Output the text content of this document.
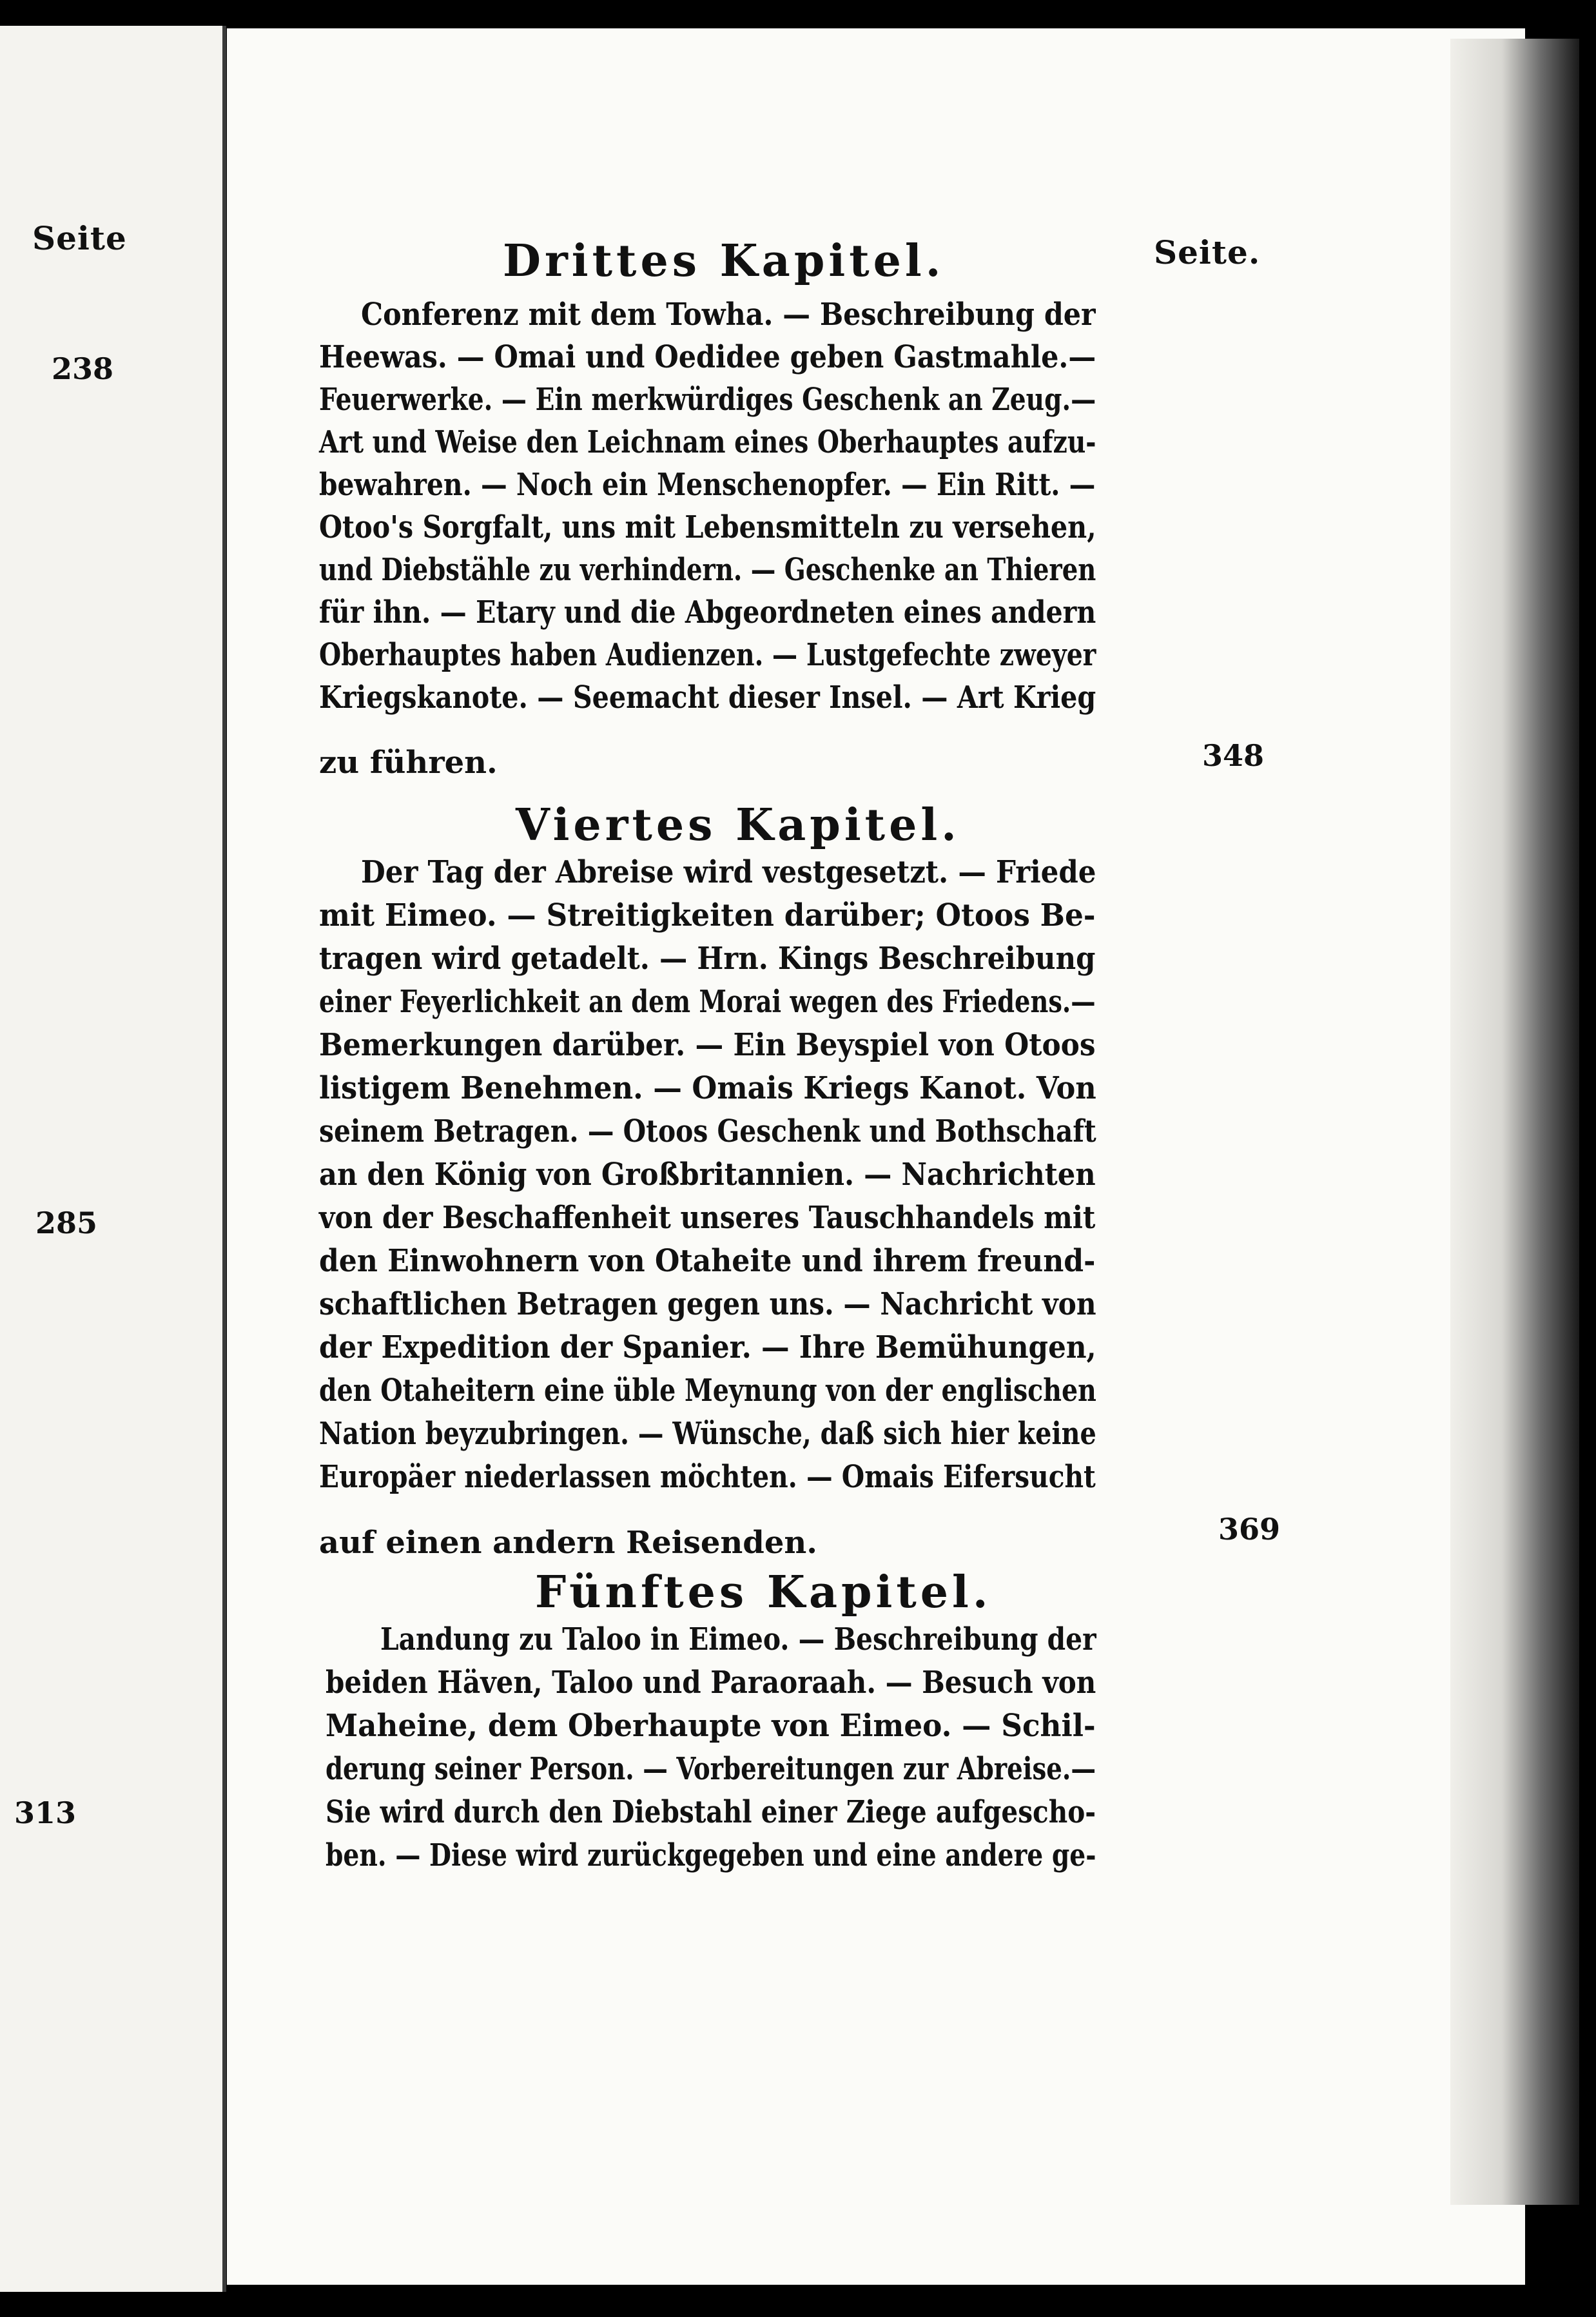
Seite	Seite.
238
285
313
348
369
Drittes Kapitel.
Conferenz mit dem Towha. — Beschreibung der
Heewas. — Omai und Oedidee geben Gastmahle.—
Feuerwerke. — Ein merkwürdiges Geschenk an Zeug.—
Art und Weise den Leichnam eines Oberhauptes aufzu-
bewahren. — Noch ein Menschenopfer. — Ein Ritt. —
Otoo's Sorgfalt, uns mit Lebensmitteln zu versehen,
und Diebstähle zu verhindern. — Geschenke an Thieren
für ihn. — Etary und die Abgeordneten eines andern
Oberhauptes haben Audienzen. — Lustgefechte zweyer
Kriegskanote. — Seemacht dieser Insel. — Art Krieg
zu führen.
Viertes Kapitel.
Der Tag der Abreise wird vestgesetzt. — Friede
mit Eimeo. — Streitigkeiten darüber; Otoos Be-
tragen wird getadelt. — Hrn. Kings Beschreibung
einer Feyerlichkeit an dem Morai wegen des Friedens.—
Bemerkungen darüber. — Ein Beyspiel von Otoos
listigem Benehmen. — Omais Kriegs Kanot. Von
seinem Betragen. — Otoos Geschenk und Bothschaft
an den König von Großbritannien. — Nachrichten
von der Beschaffenheit unseres Tauschhandels mit
den Einwohnern von Otaheite und ihrem freund-
schaftlichen Betragen gegen uns. — Nachricht von
der Expedition der Spanier. — Ihre Bemühungen,
den Otaheitern eine üble Meynung von der englischen
Nation beyzubringen. — Wünsche, daß sich hier keine
Europäer niederlassen möchten. — Omais Eifersucht
auf einen andern Reisenden.
Fünftes Kapitel.
Landung zu Taloo in Eimeo. — Beschreibung der
beiden Häven, Taloo und Paraoraah. — Besuch von
Maheine, dem Oberhaupte von Eimeo. — Schil-
derung seiner Person. — Vorbereitungen zur Abreise.—
Sie wird durch den Diebstahl einer Ziege aufgescho-
ben. — Diese wird zurückgegeben und eine andere ge-
